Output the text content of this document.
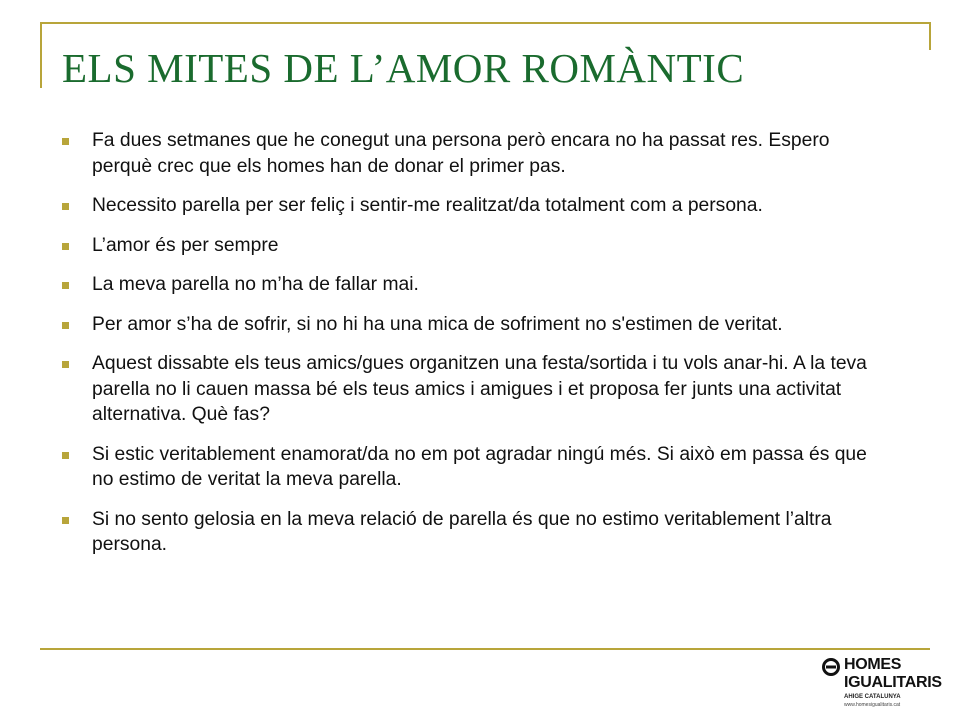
ELS MITES DE L’AMOR ROMÀNTIC
Fa dues setmanes que he conegut una persona però encara no ha passat res. Espero perquè crec que els homes han de donar el primer pas.
Necessito parella per ser feliç i sentir-me realitzat/da totalment com a persona.
L’amor és per sempre
La meva parella no m’ha de fallar mai.
Per amor s’ha de sofrir, si no hi ha una mica de sofriment no s'estimen de veritat.
Aquest dissabte els teus amics/gues organitzen una festa/sortida i tu vols anar-hi. A la teva parella no li cauen massa bé els teus amics i amigues i et proposa fer junts una activitat alternativa. Què fas?
Si estic veritablement enamorat/da no em pot agradar ningú més. Si això em passa és que no estimo de veritat la meva parella.
Si no sento gelosia en la meva relació de parella és que no estimo veritablement l’altra persona.
HOMES
IGUALITARIS
AHIGE CATALUNYA
www.homesigualitaris.cat
